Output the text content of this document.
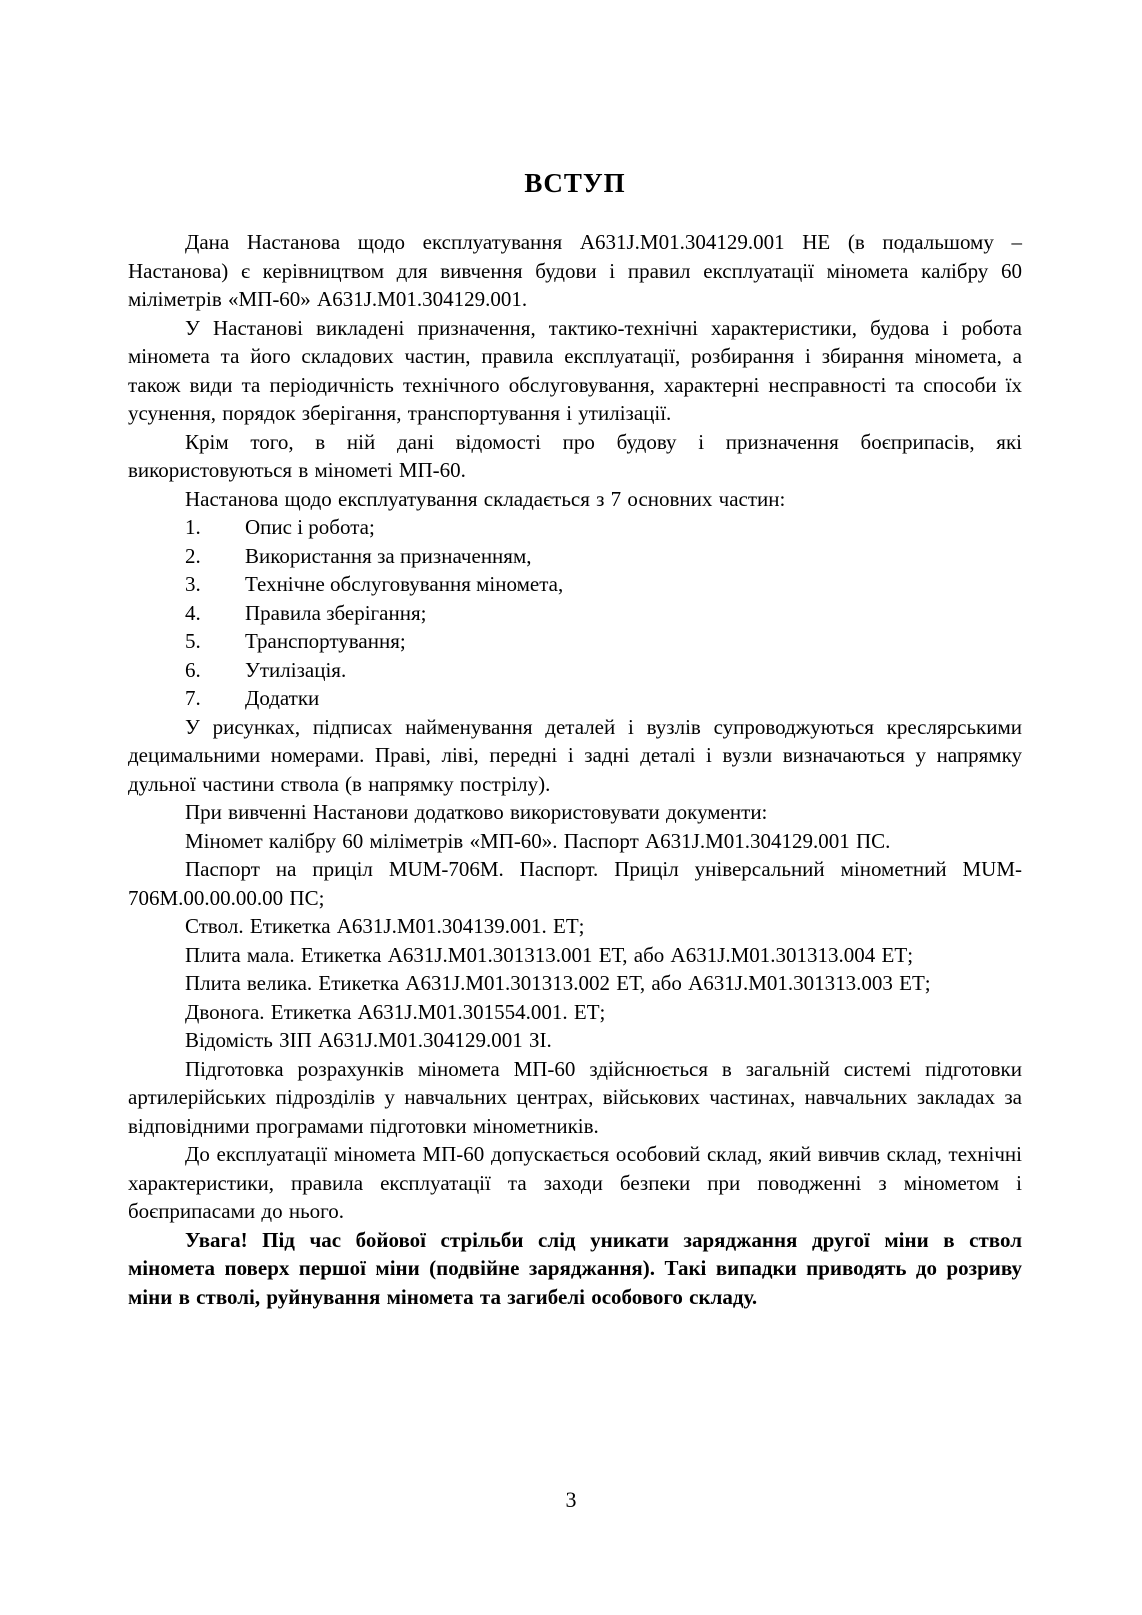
ВСТУП

Дана Настанова щодо експлуатування A631J.M01.304129.001 НЕ (в подальшому – Настанова) є керівництвом для вивчення будови і правил експлуатації міномета калібру 60 міліметрів «МП-60» A631J.M01.304129.001.

У Настанові викладені призначення, тактико-технічні характеристики, будова і робота міномета та його складових частин, правила експлуатації, розбирання і збирання міномета, а також види та періодичність технічного обслуговування, характерні несправності та способи їх усунення, порядок зберігання, транспортування і утилізації.

Крім того, в ній дані відомості про будову і призначення боєприпасів, які використовуються в мінометі МП-60.

Настанова щодо експлуатування складається з 7 основних частин:

1.	Опис і робота;
2.	Використання за призначенням,
3.	Технічне обслуговування міномета,
4.	Правила зберігання;
5.	Транспортування;
6.	Утилізація.
7.	Додатки

У рисунках, підписах найменування деталей і вузлів супроводжуються креслярськими децимальними номерами. Праві, ліві, передні і задні деталі і вузли визначаються у напрямку дульної частини ствола (в напрямку пострілу).

При вивченні Настанови додатково використовувати документи:

Міномет калібру 60 міліметрів «МП-60». Паспорт A631J.M01.304129.001 ПС.

Паспорт на приціл MUM-706M. Паспорт. Приціл універсальний мінометний MUM-706M.00.00.00.00 ПС;

Ствол. Етикетка A631J.M01.304139.001. ЕТ;

Плита мала. Етикетка A631J.M01.301313.001 ЕТ, або A631J.M01.301313.004 ЕТ;

Плита велика. Етикетка A631J.M01.301313.002 ЕТ, або A631J.M01.301313.003 ЕТ;

Двонога. Етикетка A631J.M01.301554.001. ЕТ;

Відомість ЗІП A631J.M01.304129.001 ЗІ.

Підготовка розрахунків міномета МП-60 здійснюється в загальній системі підготовки артилерійських підрозділів у навчальних центрах, військових частинах, навчальних закладах за відповідними програмами підготовки мінометників.

До експлуатації міномета МП-60 допускається особовий склад, який вивчив склад, технічні характеристики, правила експлуатації та заходи безпеки при поводженні з мінометом і боєприпасами до нього.

Увага! Під час бойової стрільби слід уникати заряджання другої міни в ствол міномета поверх першої міни (подвійне заряджання). Такі випадки приводять до розриву міни в стволі, руйнування міномета та загибелі особового складу.

3
